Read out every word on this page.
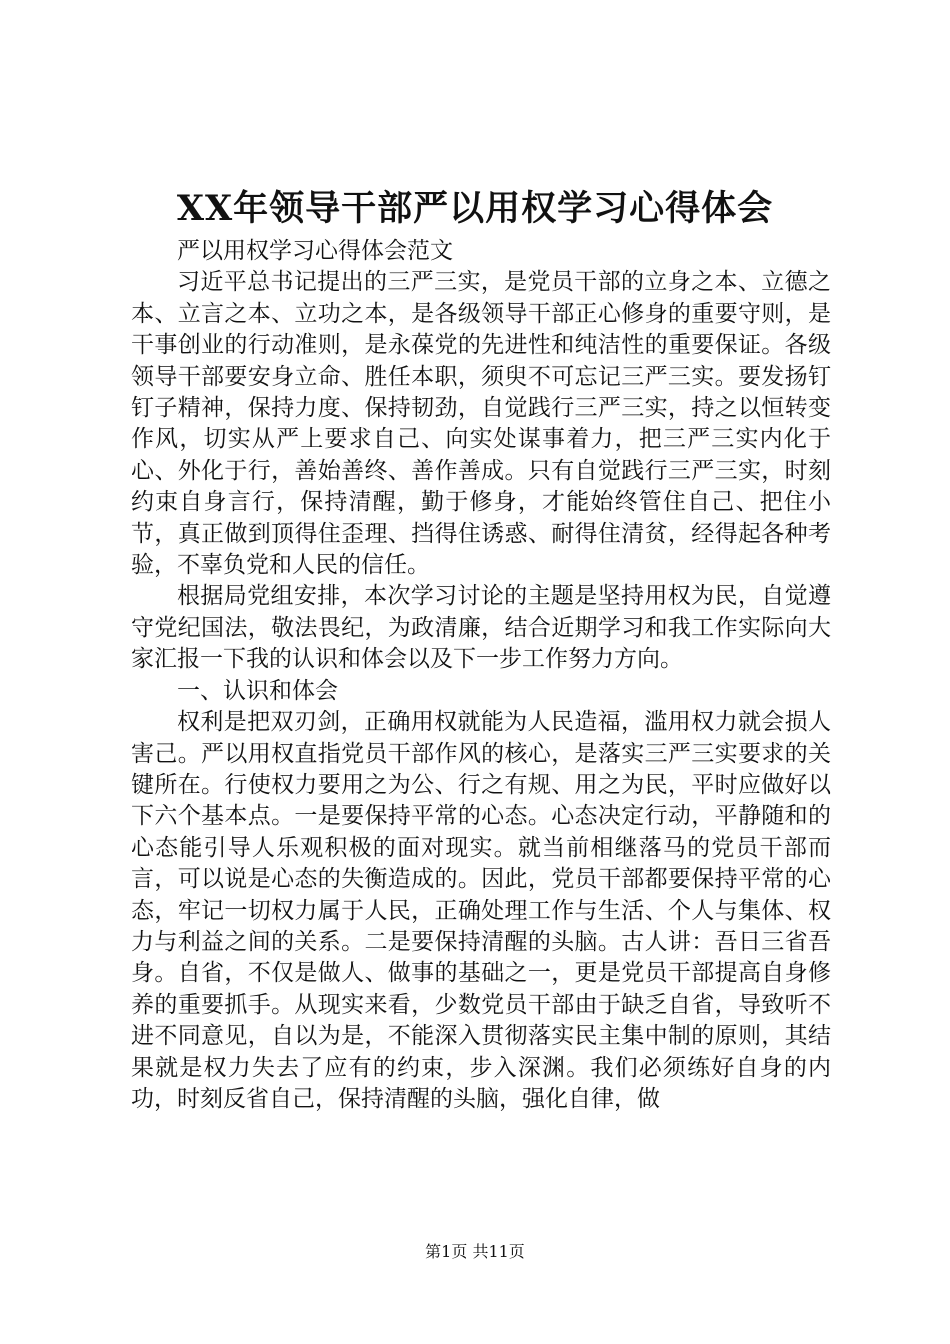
XX年领导干部严以用权学习心得体会

严以用权学习心得体会范文

习近平总书记提出的三严三实，是党员干部的立身之本、立德之本、立言之本、立功之本，是各级领导干部正心修身的重要守则，是干事创业的行动准则，是永葆党的先进性和纯洁性的重要保证。各级领导干部要安身立命、胜任本职，须臾不可忘记三严三实。要发扬钉钉子精神，保持力度、保持韧劲，自觉践行三严三实，持之以恒转变作风，切实从严上要求自己、向实处谋事着力，把三严三实内化于心、外化于行，善始善终、善作善成。只有自觉践行三严三实，时刻约束自身言行，保持清醒，勤于修身，才能始终管住自己、把住小节，真正做到顶得住歪理、挡得住诱惑、耐得住清贫，经得起各种考验，不辜负党和人民的信任。

根据局党组安排，本次学习讨论的主题是坚持用权为民，自觉遵守党纪国法，敬法畏纪，为政清廉，结合近期学习和我工作实际向大家汇报一下我的认识和体会以及下一步工作努力方向。

一、认识和体会

权利是把双刃剑，正确用权就能为人民造福，滥用权力就会损人害己。严以用权直指党员干部作风的核心，是落实三严三实要求的关键所在。行使权力要用之为公、行之有规、用之为民，平时应做好以下六个基本点。一是要保持平常的心态。心态决定行动，平静随和的心态能引导人乐观积极的面对现实。就当前相继落马的党员干部而言，可以说是心态的失衡造成的。因此，党员干部都要保持平常的心态，牢记一切权力属于人民，正确处理工作与生活、个人与集体、权力与利益之间的关系。二是要保持清醒的头脑。古人讲：吾日三省吾身。自省，不仅是做人、做事的基础之一，更是党员干部提高自身修养的重要抓手。从现实来看，少数党员干部由于缺乏自省，导致听不进不同意见，自以为是，不能深入贯彻落实民主集中制的原则，其结果就是权力失去了应有的约束，步入深渊。我们必须练好自身的内功，时刻反省自己，保持清醒的头脑，强化自律，做

第1页 共11页
